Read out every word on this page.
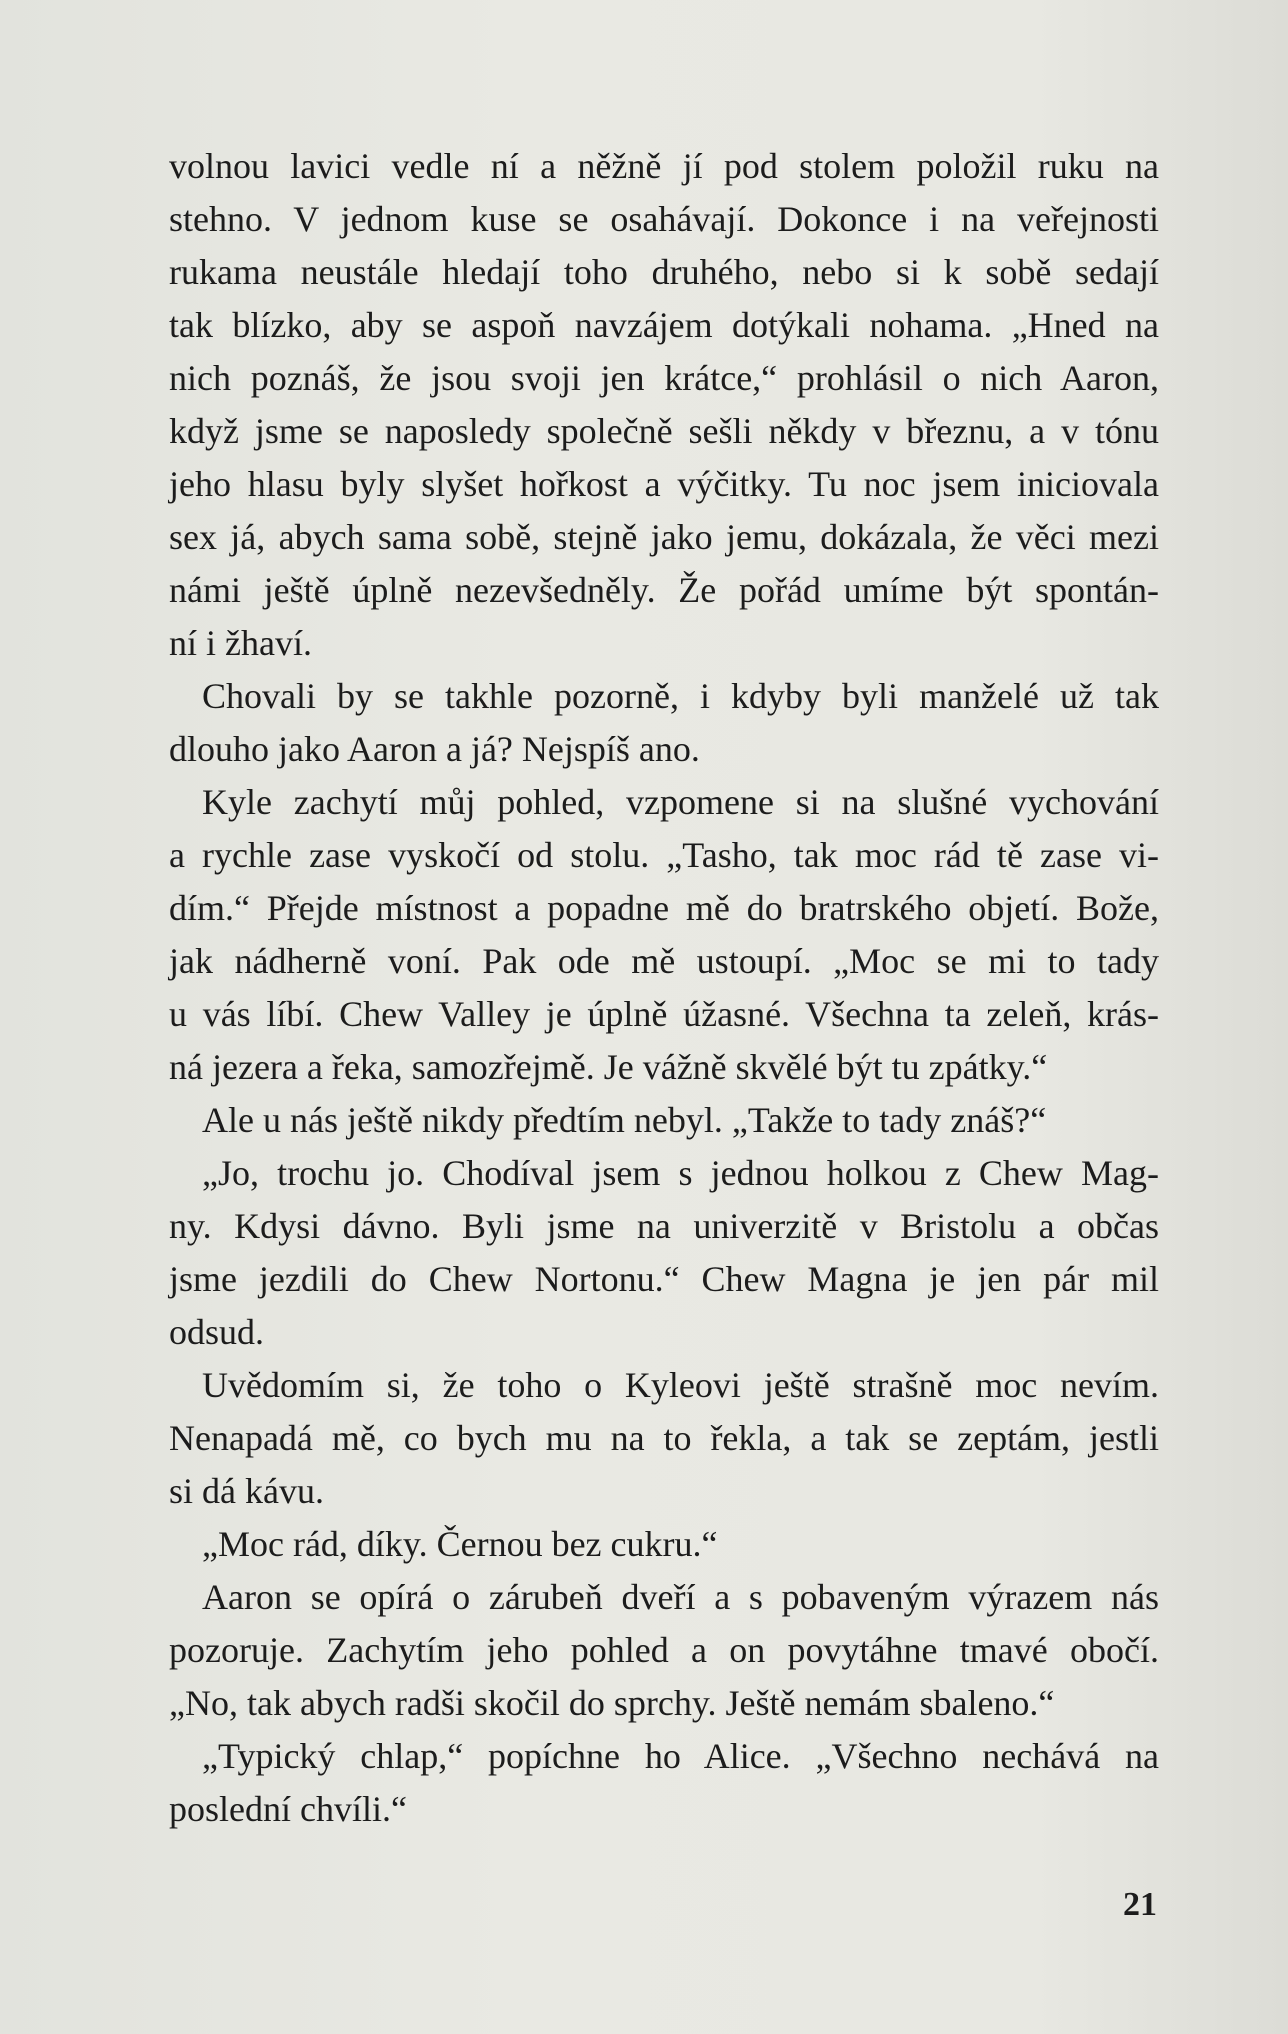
volnou lavici vedle ní a něžně jí pod stolem položil ruku na
stehno. V jednom kuse se osahávají. Dokonce i na veřejnosti
rukama neustále hledají toho druhého, nebo si k sobě sedají
tak blízko, aby se aspoň navzájem dotýkali nohama. „Hned na
nich poznáš, že jsou svoji jen krátce,“ prohlásil o nich Aaron,
když jsme se naposledy společně sešli někdy v březnu, a v tónu
jeho hlasu byly slyšet hořkost a výčitky. Tu noc jsem iniciovala
sex já, abych sama sobě, stejně jako jemu, dokázala, že věci mezi
námi ještě úplně nezevšedněly. Že pořád umíme být spontán-
ní i žhaví.
Chovali by se takhle pozorně, i kdyby byli manželé už tak
dlouho jako Aaron a já? Nejspíš ano.
Kyle zachytí můj pohled, vzpomene si na slušné vychování
a rychle zase vyskočí od stolu. „Tasho, tak moc rád tě zase vi-
dím.“ Přejde místnost a popadne mě do bratrského objetí. Bože,
jak nádherně voní. Pak ode mě ustoupí. „Moc se mi to tady
u vás líbí. Chew Valley je úplně úžasné. Všechna ta zeleň, krás-
ná jezera a řeka, samozřejmě. Je vážně skvělé být tu zpátky.“
Ale u nás ještě nikdy předtím nebyl. „Takže to tady znáš?“
„Jo, trochu jo. Chodíval jsem s jednou holkou z Chew Mag-
ny. Kdysi dávno. Byli jsme na univerzitě v Bristolu a občas
jsme jezdili do Chew Nortonu.“ Chew Magna je jen pár mil
odsud.
Uvědomím si, že toho o Kyleovi ještě strašně moc nevím.
Nenapadá mě, co bych mu na to řekla, a tak se zeptám, jestli
si dá kávu.
„Moc rád, díky. Černou bez cukru.“
Aaron se opírá o zárubeň dveří a s pobaveným výrazem nás
pozoruje. Zachytím jeho pohled a on povytáhne tmavé obočí.
„No, tak abych radši skočil do sprchy. Ještě nemám sbaleno.“
„Typický chlap,“ popíchne ho Alice. „Všechno nechává na
poslední chvíli.“
21
